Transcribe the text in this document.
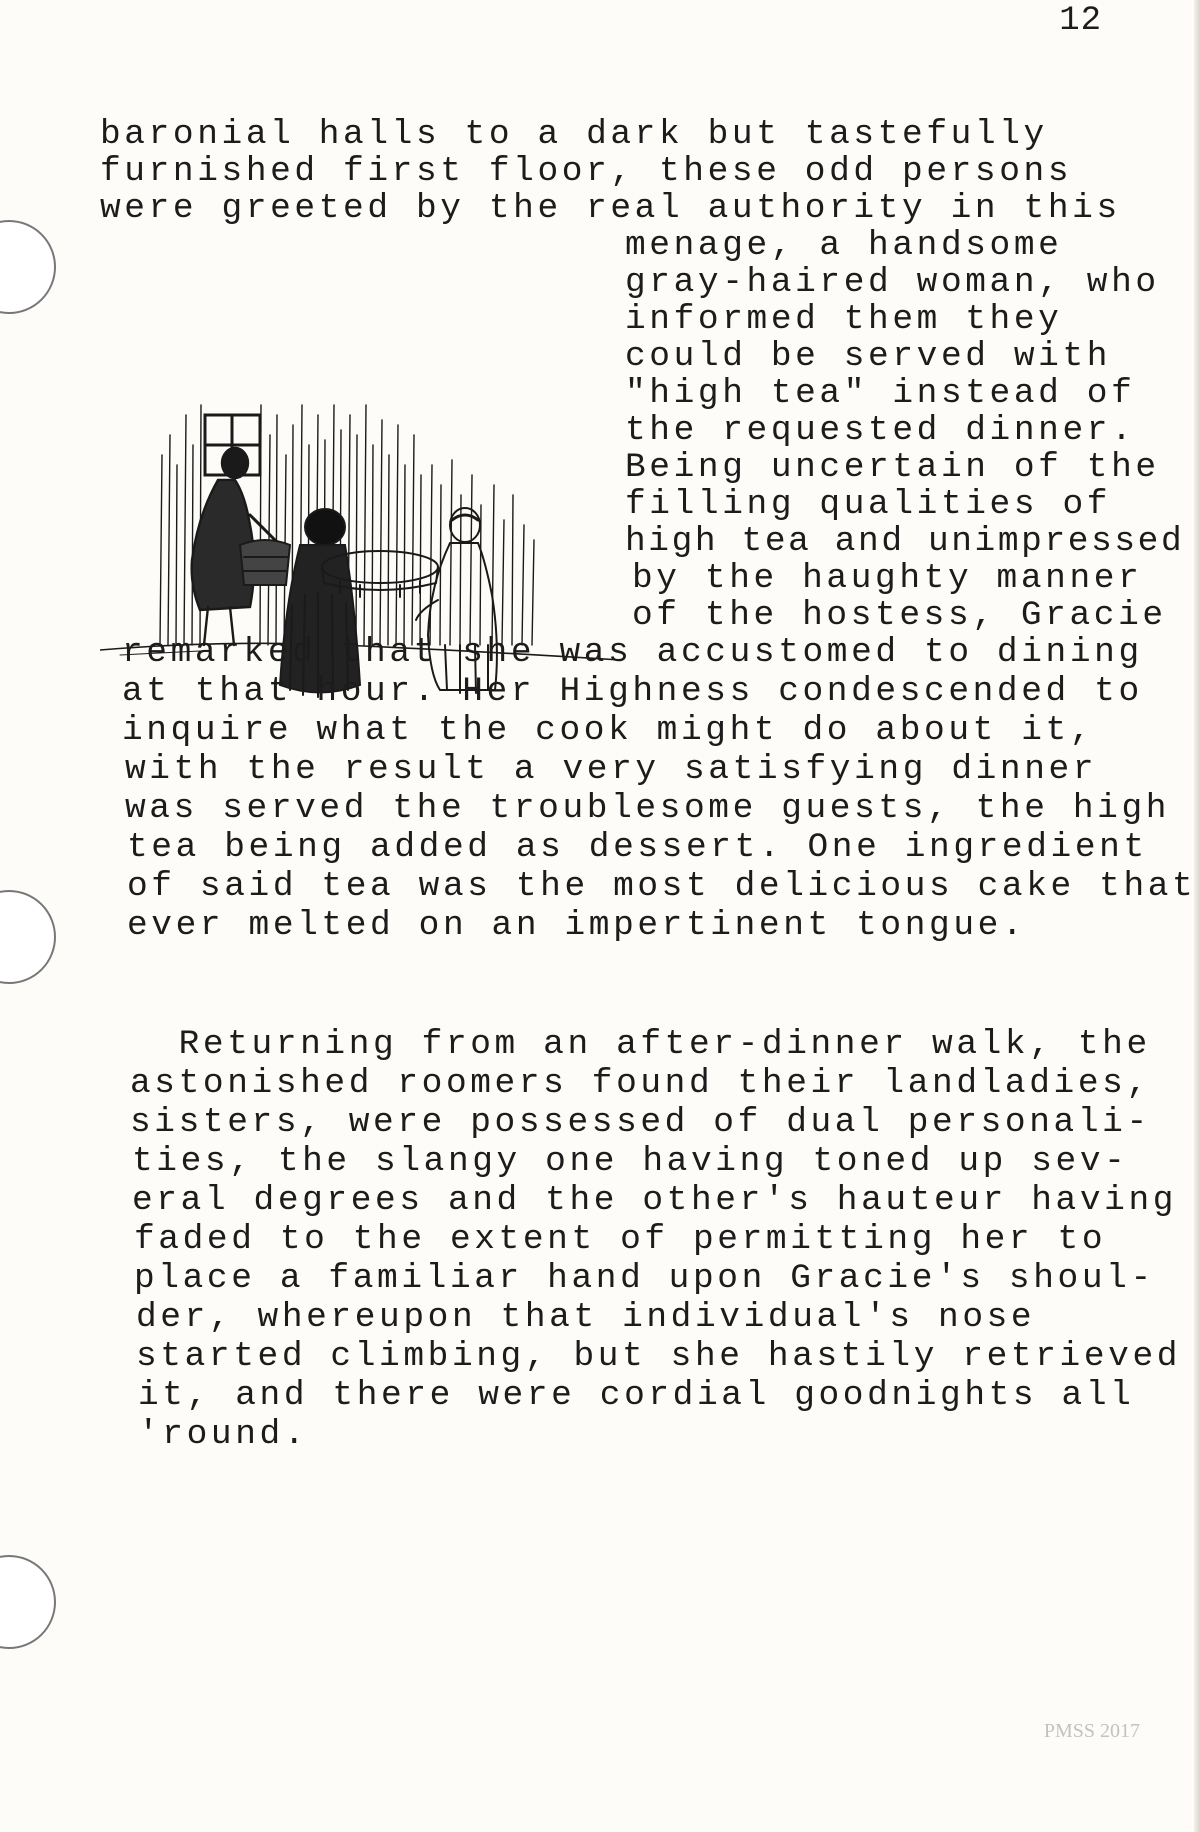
12
baronial halls to a dark but tastefully
furnished first floor, these odd persons
were greeted by the real authority in this
menage, a handsome
gray-haired woman, who
informed them they
could be served with
"high tea" instead of
the requested dinner.
Being uncertain of the
filling qualities of
high tea and unimpressed
by the haughty manner
of the hostess, Gracie
remarked that she was accustomed to dining
at that hour. Her Highness condescended to
inquire what the cook might do about it,
with the result a very satisfying dinner
was served the troublesome guests, the high
tea being added as dessert. One ingredient
of said tea was the most delicious cake that
ever melted on an impertinent tongue.
Returning from an after-dinner walk, the
astonished roomers found their landladies,
sisters, were possessed of dual personali-
ties, the slangy one having toned up sev-
eral degrees and the other's hauteur having
faded to the extent of permitting her to
place a familiar hand upon Gracie's shoul-
der, whereupon that individual's nose
started climbing, but she hastily retrieved
it, and there were cordial goodnights all
'round.
PMSS 2017
